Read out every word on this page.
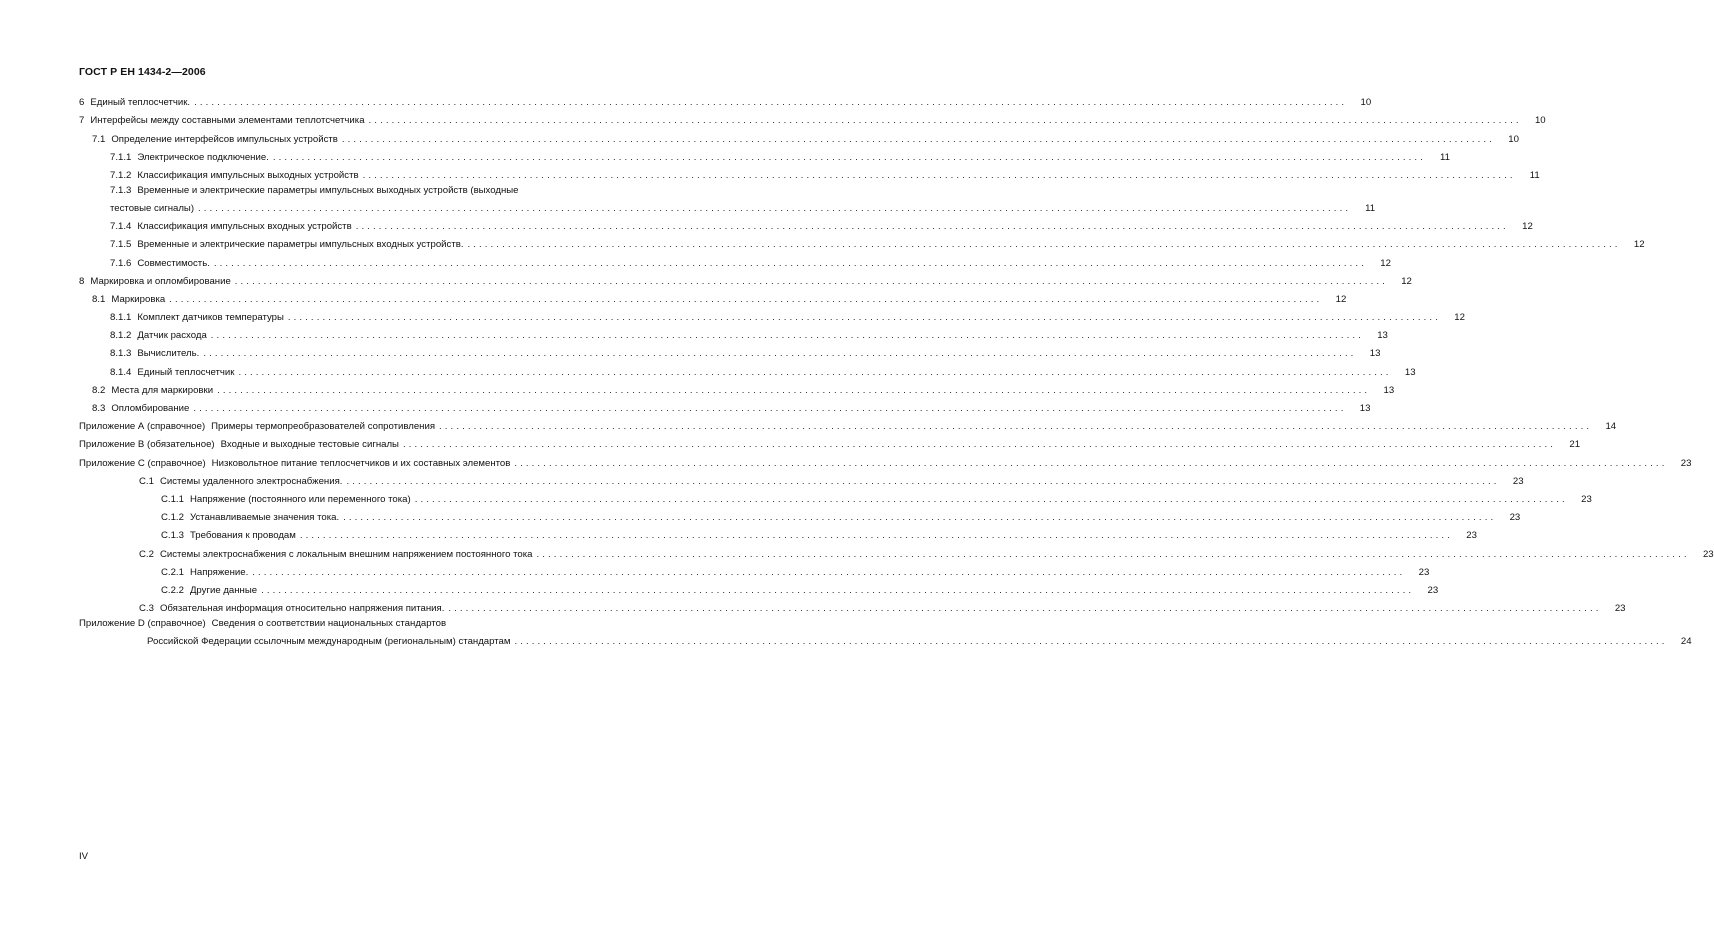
ГОСТ Р ЕН 1434-2—2006
6 Единый теплосчетчик. ........................................................................................................................................................................................................	10
7 Интерфейсы между составными элементами теплотсчетчика ........................................................................................................................................................................................................	10
7.1 Определение интерфейсов импульсных устройств ........................................................................................................................................................................................................	10
7.1.1 Электрическое подключение. ........................................................................................................................................................................................................	11
7.1.2 Классификация импульсных выходных устройств ........................................................................................................................................................................................................	11
7.1.3 Временные и электрические параметры импульсных выходных устройств (выходные
тестовые сигналы) ........................................................................................................................................................................................................	11
7.1.4 Классификация импульсных входных устройств ........................................................................................................................................................................................................	12
7.1.5 Временные и электрические параметры импульсных входных устройств. ........................................................................................................................................................................................................	12
7.1.6 Совместимость. ........................................................................................................................................................................................................	12
8 Маркировка и опломбирование ........................................................................................................................................................................................................	12
8.1 Маркировка ........................................................................................................................................................................................................	12
8.1.1 Комплект датчиков температуры ........................................................................................................................................................................................................	12
8.1.2 Датчик расхода ........................................................................................................................................................................................................	13
8.1.3 Вычислитель. ........................................................................................................................................................................................................	13
8.1.4 Единый теплосчетчик ........................................................................................................................................................................................................	13
8.2 Места для маркировки ........................................................................................................................................................................................................	13
8.3 Опломбирование ........................................................................................................................................................................................................	13
Приложение А (справочное) Примеры термопреобразователей сопротивления ........................................................................................................................................................................................................	14
Приложение В (обязательное) Входные и выходные тестовые сигналы ........................................................................................................................................................................................................	21
Приложение С (справочное) Низковольтное питание теплосчетчиков и их составных элементов ........................................................................................................................................................................................................	23
С.1 Системы удаленного электроснабжения. ........................................................................................................................................................................................................	23
С.1.1 Напряжение (постоянного или переменного тока) ........................................................................................................................................................................................................	23
С.1.2 Устанавливаемые значения тока. ........................................................................................................................................................................................................	23
С.1.3 Требования к проводам ........................................................................................................................................................................................................	23
С.2 Системы электроснабжения с локальным внешним напряжением постоянного тока ........................................................................................................................................................................................................	23
С.2.1 Напряжение. ........................................................................................................................................................................................................	23
С.2.2 Другие данные ........................................................................................................................................................................................................	23
С.3 Обязательная информация относительно напряжения питания. ........................................................................................................................................................................................................	23
Приложение D (справочное) Сведения о соответствии национальных стандартов
Российской Федерации ссылочным международным (региональным) стандартам ........................................................................................................................................................................................................	24
IV
